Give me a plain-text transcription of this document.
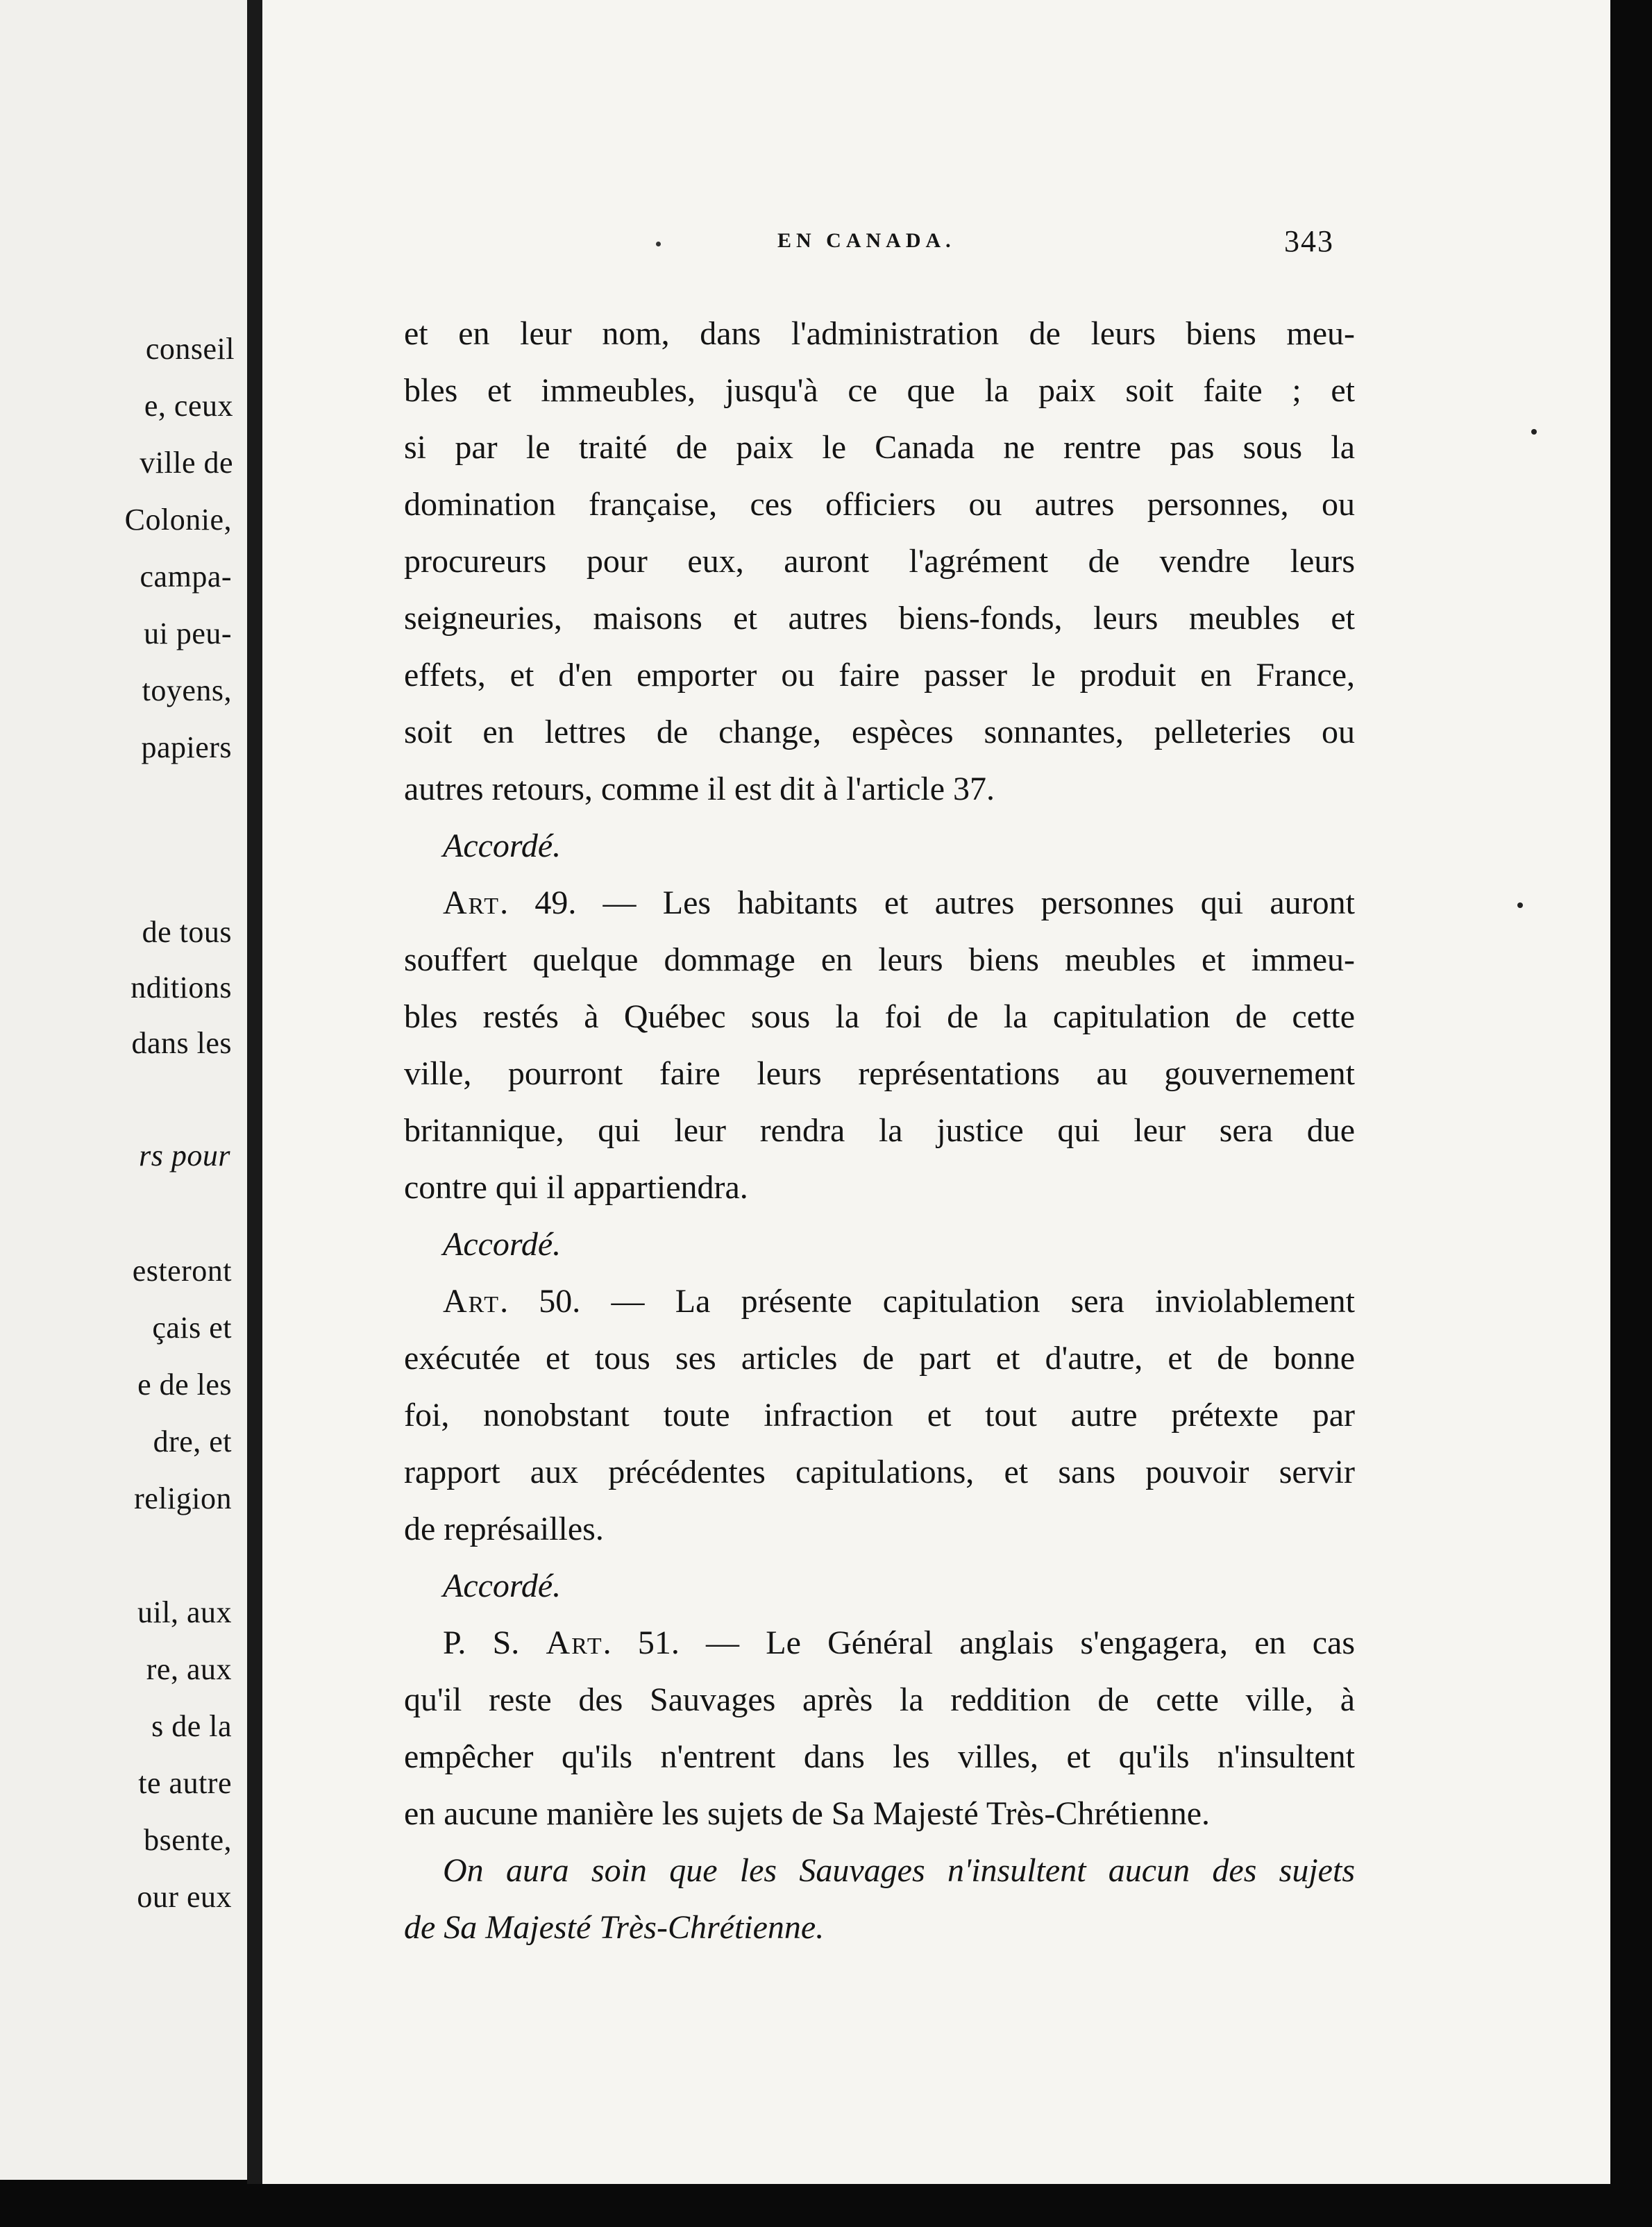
conseil
e, ceux
ville de
Colonie,
campa-
ui peu-
toyens,
papiers
de tous
nditions
dans les
rs pour
esteront
çais et
e de les
dre, et
religion
uil, aux
re, aux
s de la
te autre
bsente,
our eux
EN CANADA.	343
et en leur nom, dans l'administration de leurs biens meu-
bles et immeubles, jusqu'à ce que la paix soit faite ; et
si par le traité de paix le Canada ne rentre pas sous la
domination française, ces officiers ou autres personnes, ou
procureurs pour eux, auront l'agrément de vendre leurs
seigneuries, maisons et autres biens-fonds, leurs meubles et
effets, et d'en emporter ou faire passer le produit en France,
soit en lettres de change, espèces sonnantes, pelleteries ou
autres retours, comme il est dit à l'article 37.
Accordé.
Art. 49. — Les habitants et autres personnes qui auront
souffert quelque dommage en leurs biens meubles et immeu-
bles restés à Québec sous la foi de la capitulation de cette
ville, pourront faire leurs représentations au gouvernement
britannique, qui leur rendra la justice qui leur sera due
contre qui il appartiendra.
Accordé.
Art. 50. — La présente capitulation sera inviolablement
exécutée et tous ses articles de part et d'autre, et de bonne
foi, nonobstant toute infraction et tout autre prétexte par
rapport aux précédentes capitulations, et sans pouvoir servir
de représailles.
Accordé.
P. S. Art. 51. — Le Général anglais s'engagera, en cas
qu'il reste des Sauvages après la reddition de cette ville, à
empêcher qu'ils n'entrent dans les villes, et qu'ils n'insultent
en aucune manière les sujets de Sa Majesté Très-Chrétienne.
On aura soin que les Sauvages n'insultent aucun des sujets
de Sa Majesté Très-Chrétienne.
